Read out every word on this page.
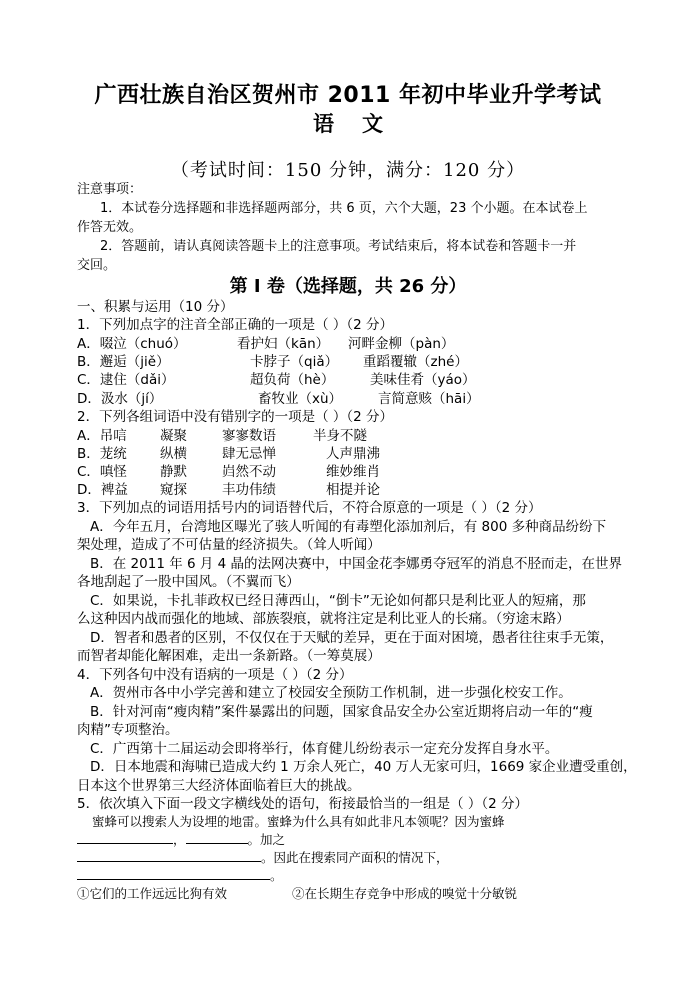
广西壮族自治区贺州市 2011 年初中毕业升学考试
语 文
（考试时间：150 分钟，满分：120 分）
注意事项：
1．本试卷分选择题和非选择题两部分，共 6 页，六个大题，23 个小题。在本试卷上
作答无效。
2．答题前，请认真阅读答题卡上的注意事项。考试结束后，将本试卷和答题卡一并
交回。
第 I 卷（选择题，共 26 分）
一、积累与运用（10 分）
1．下列加点字的注音全部正确的一项是（ ）（2 分）
A．啜泣（chuó）	看护妇（kān） 河畔金柳（pàn）
B．邂逅（jiě）	卡脖子（qiǎ） 重蹈覆辙（zhé）
C．逮住（dǎi）	超负荷（hè）	美味佳肴（yáo）
D．汲水（jí）	畜牧业（xù）	言简意赅（hāi）
2．下列各组词语中没有错别字的一项是（ ）（2 分）
A．吊唁 凝聚	寥寥数语	半身不隧
B．茏统 纵横	肆无忌惮	人声鼎沸
C．嗔怪 静默	岿然不动	维妙维肖
D．裨益 窥探	丰功伟绩	相提并论
3．下列加点的词语用括号内的词语替代后，不符合原意的一项是（ ）（2 分）
A．今年五月，台湾地区曝光了骇人听闻的有毒塑化添加剂后，有 800 多种商品纷纷下
架处理，造成了不可估量的经济损失。（耸人听闻）
B．在 2011 年 6 月 4 晶的法网决赛中，中国金花李娜勇夺冠军的消息不胫而走，在世界
各地刮起了一股中国风。（不翼而飞）
C．如果说，卡扎菲政权已经日薄西山，“倒卡”无论如何都只是利比亚人的短痛，那
么这种因内战而强化的地域、部族裂痕，就将注定是利比亚人的长痛。（穷途末路）
D．智者和愚者的区别，不仅仅在于天赋的差异，更在于面对困境，愚者往往束手无策，
而智者却能化解困难，走出一条新路。（一筹莫展）
4．下列各句中没有语病的一项是（ ）（2 分）
A．贺州市各中小学完善和建立了校园安全预防工作机制，进一步强化校安工作。
B．针对河南“瘦肉精”案件暴露出的问题，国家食品安全办公室近期将启动一年的“瘦
肉精”专项整治。
C．广西第十二届运动会即将举行，体育健儿纷纷表示一定充分发挥自身水平。
D．日本地震和海啸已造成大约 1 万余人死亡，40 万人无家可归，1669 家企业遭受重创，
日本这个世界第三大经济体面临着巨大的挑战。
5．依次填入下面一段文字横线处的语句，衔接最恰当的一组是（ ）（2 分）
蜜蜂可以搜索人为设埋的地雷。蜜蜂为什么具有如此非凡本领呢？因为蜜蜂
，	。加之
。因此在搜索同产面积的情况下，
。
①它们的工作远远比狗有效	②在长期生存竞争中形成的嗅觉十分敏锐
